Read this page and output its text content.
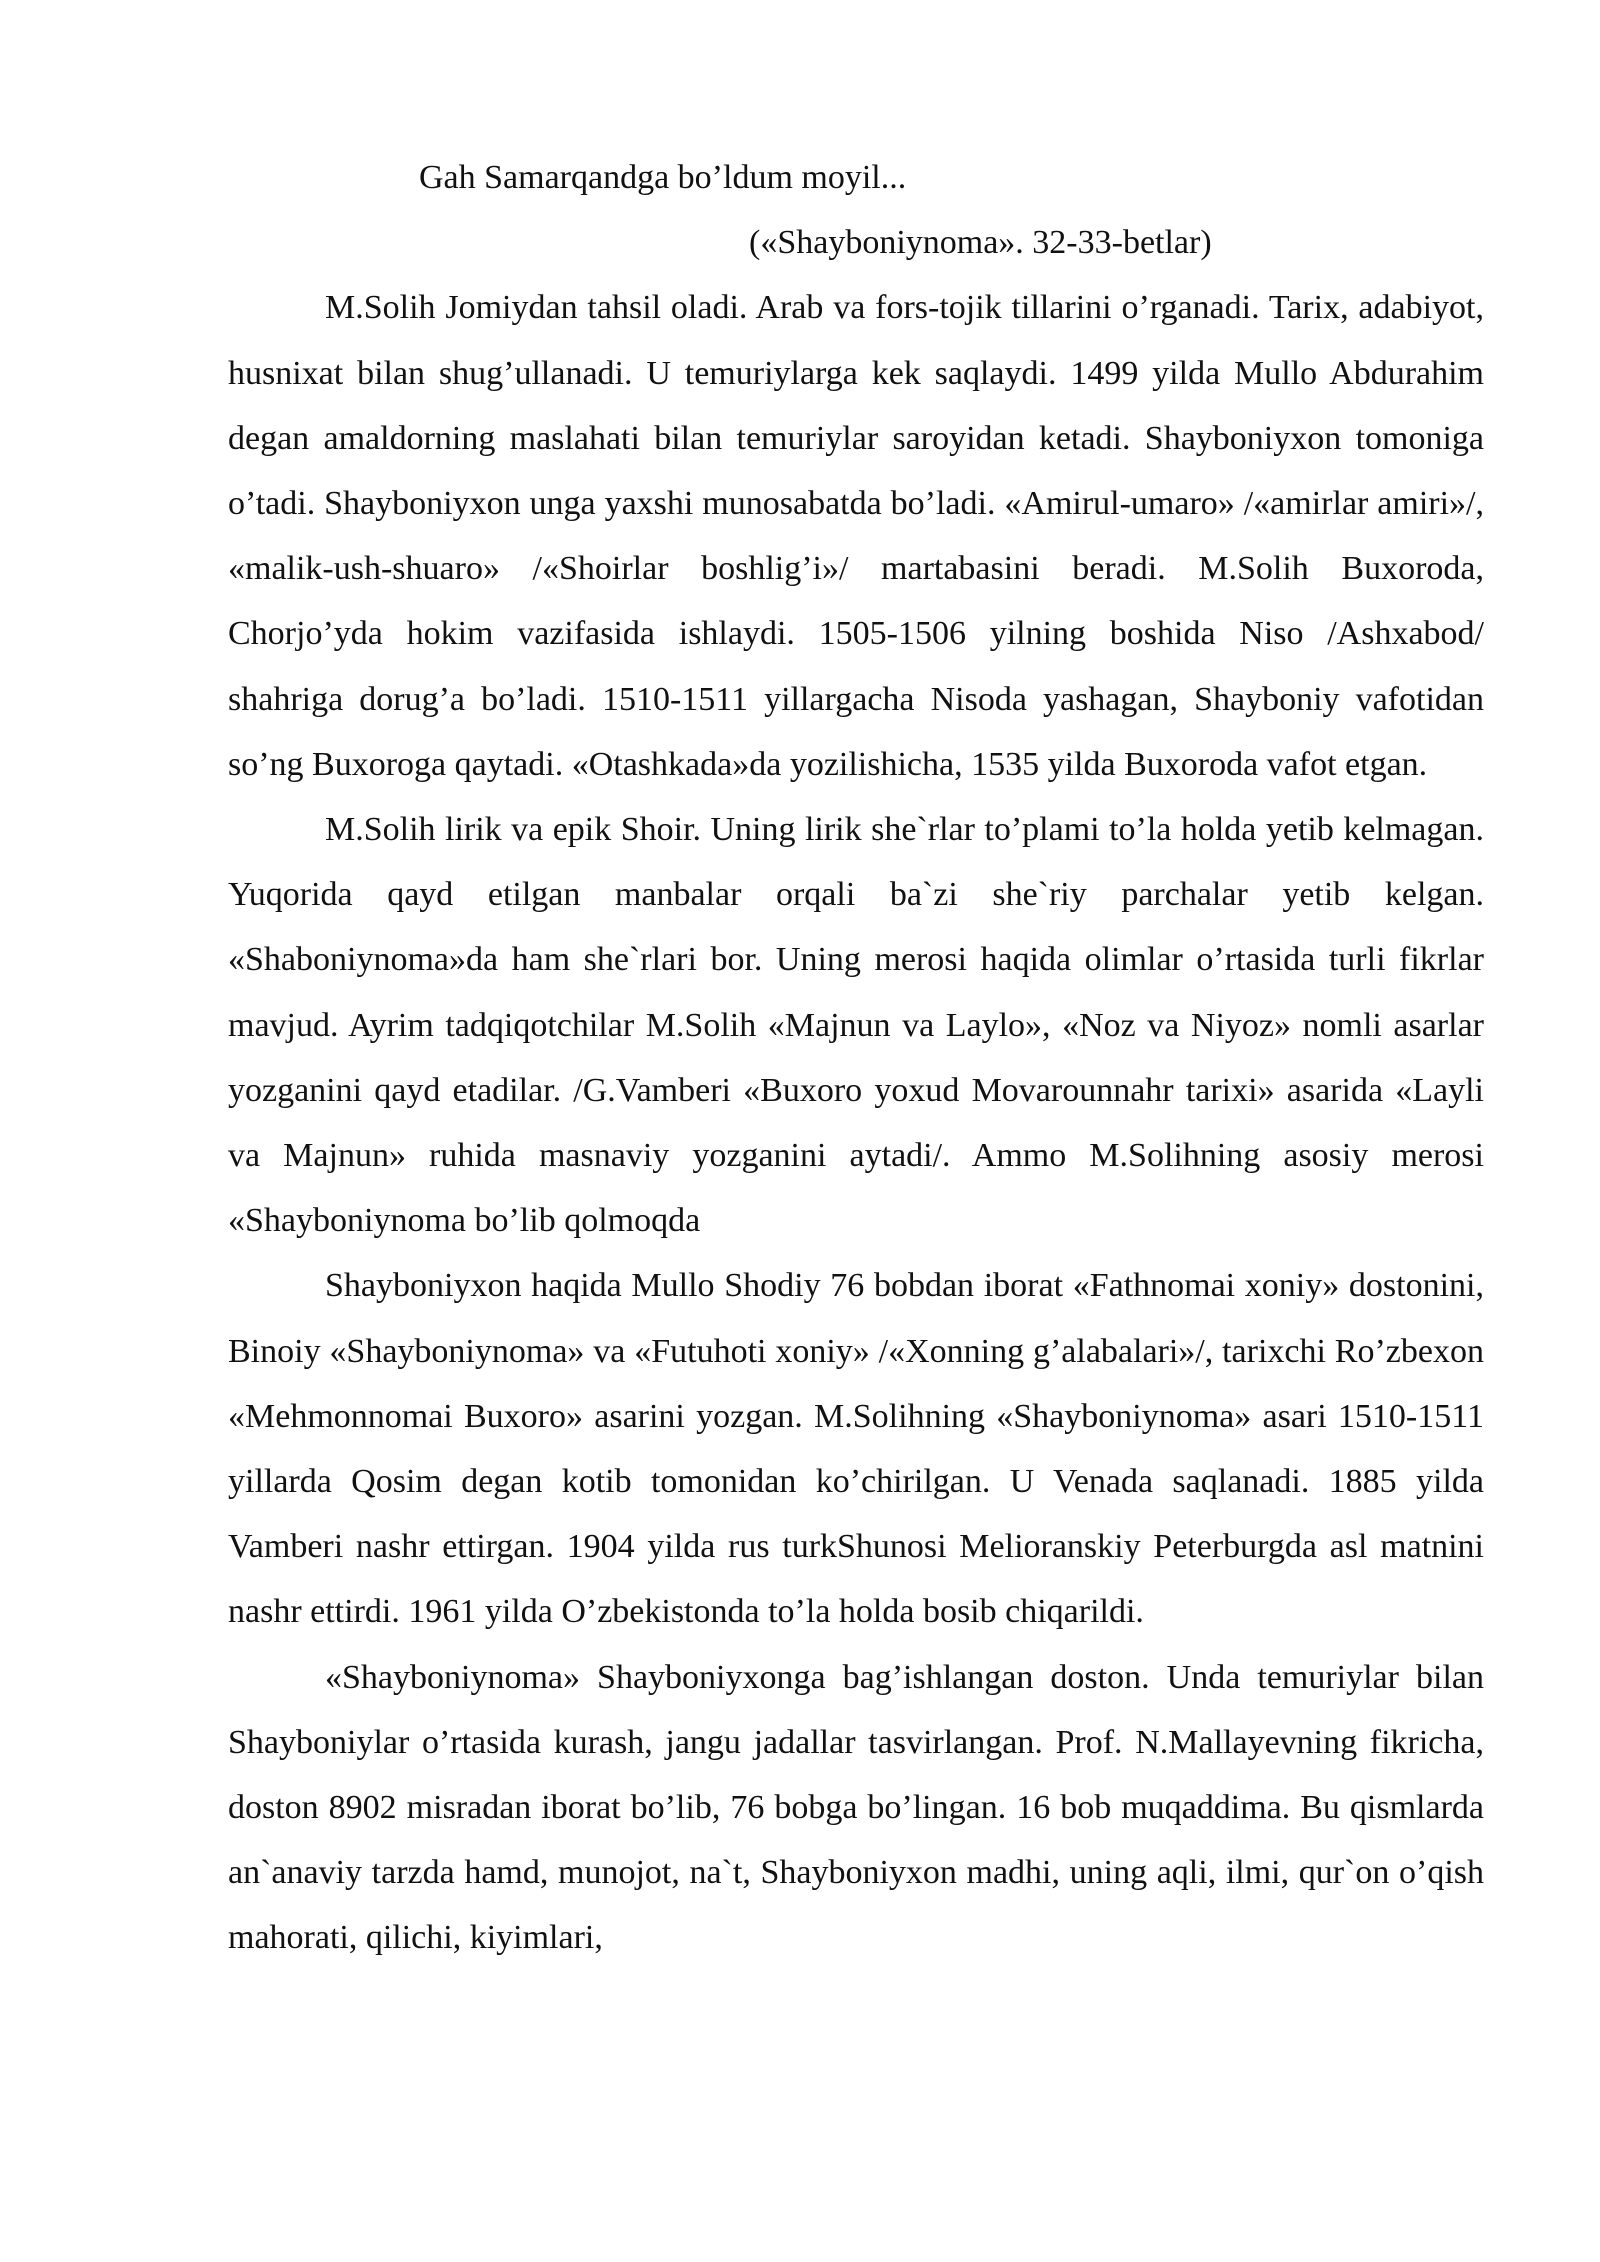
Gah Samarqandga bo’ldum moyil...

(«Shayboniynoma». 32-33-betlar)

M.Solih Jomiydan tahsil oladi. Arab va fors-tojik tillarini o’rganadi. Tarix, adabiyot, husnixat bilan shug’ullanadi. U temuriylarga kek saqlaydi. 1499 yilda Mullo Abdurahim degan amaldorning maslahati bilan temuriylar saroyidan ketadi. Shayboniyxon tomoniga o’tadi. Shayboniyxon unga yaxshi munosabatda bo’ladi. «Amirul-umaro» /«amirlar amiri»/, «malik-ush-shuaro» /«Shoirlar boshlig’i»/ martabasini beradi. M.Solih Buxoroda, Chorjo’yda hokim vazifasida ishlaydi. 1505-1506 yilning boshida Niso /Ashxabod/ shahriga dorug’a bo’ladi. 1510-1511 yillargacha Nisoda yashagan, Shayboniy vafotidan so’ng Buxoroga qaytadi. «Otashkada»da yozilishicha, 1535 yilda Buxoroda vafot etgan.

M.Solih lirik va epik Shoir. Uning lirik she`rlar to’plami to’la holda yetib kelmagan. Yuqorida qayd etilgan manbalar orqali ba`zi she`riy parchalar yetib kelgan. «Shaboniynoma»da ham she`rlari bor. Uning merosi haqida olimlar o’rtasida turli fikrlar mavjud. Ayrim tadqiqotchilar M.Solih «Majnun va Laylo», «Noz va Niyoz» nomli asarlar yozganini qayd etadilar. /G.Vamberi «Buxoro yoxud Movarounnahr tarixi» asarida «Layli va Majnun» ruhida masnaviy yozganini aytadi/. Ammo M.Solihning asosiy merosi «Shayboniynoma bo’lib qolmoqda

Shayboniyxon haqida Mullo Shodiy 76 bobdan iborat «Fathnomai xoniy» dostonini, Binoiy «Shayboniynoma» va «Futuhoti xoniy» /«Xonning g’alabalari»/, tarixchi Ro’zbexon «Mehmonnomai Buxoro» asarini yozgan. M.Solihning «Shayboniynoma» asari 1510-1511 yillarda Qosim degan kotib tomonidan ko’chirilgan. U Venada saqlanadi. 1885 yilda Vamberi nashr ettirgan. 1904 yilda rus turkShunosi Melioranskiy Peterburgda asl matnini nashr ettirdi. 1961 yilda O’zbekistonda to’la holda bosib chiqarildi.

«Shayboniynoma» Shayboniyxonga bag’ishlangan doston. Unda temuriylar bilan Shayboniylar o’rtasida kurash, jangu jadallar tasvirlangan. Prof. N.Mallayevning fikricha, doston 8902 misradan iborat bo’lib, 76 bobga bo’lingan. 16 bob muqaddima. Bu qismlarda an`anaviy tarzda hamd, munojot, na`t, Shayboniyxon madhi, uning aqli, ilmi, qur`on o’qish mahorati, qilichi, kiyimlari,
